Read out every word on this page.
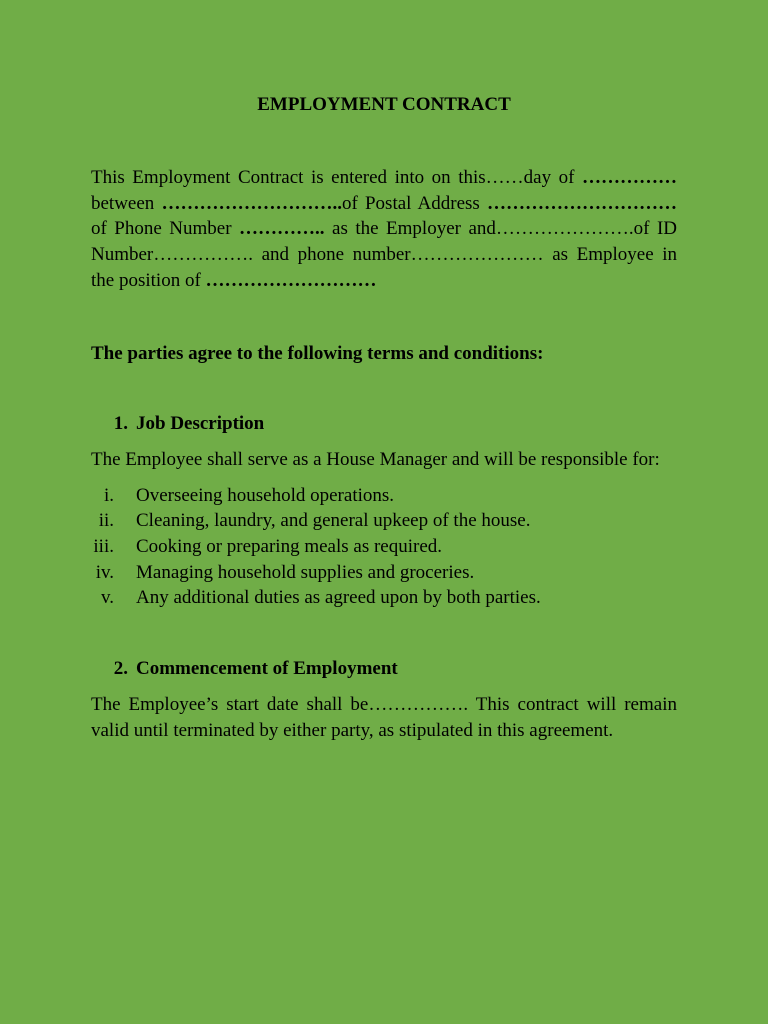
EMPLOYMENT CONTRACT

This Employment Contract is entered into on this……day of ……………between ………………………..of Postal Address …………………………of Phone Number ………….. as the Employer and………………….of ID Number……………. and phone number………………… as Employee in the position of ………………………

The parties agree to the following terms and conditions:

1. Job Description

The Employee shall serve as a House Manager and will be responsible for:

i.	Overseeing household operations.
ii.	Cleaning, laundry, and general upkeep of the house.
iii.	Cooking or preparing meals as required.
iv.	Managing household supplies and groceries.
v.	Any additional duties as agreed upon by both parties.
2. Commencement of Employment

The Employee’s start date shall be……………. This contract will remain valid until terminated by either party, as stipulated in this agreement.
